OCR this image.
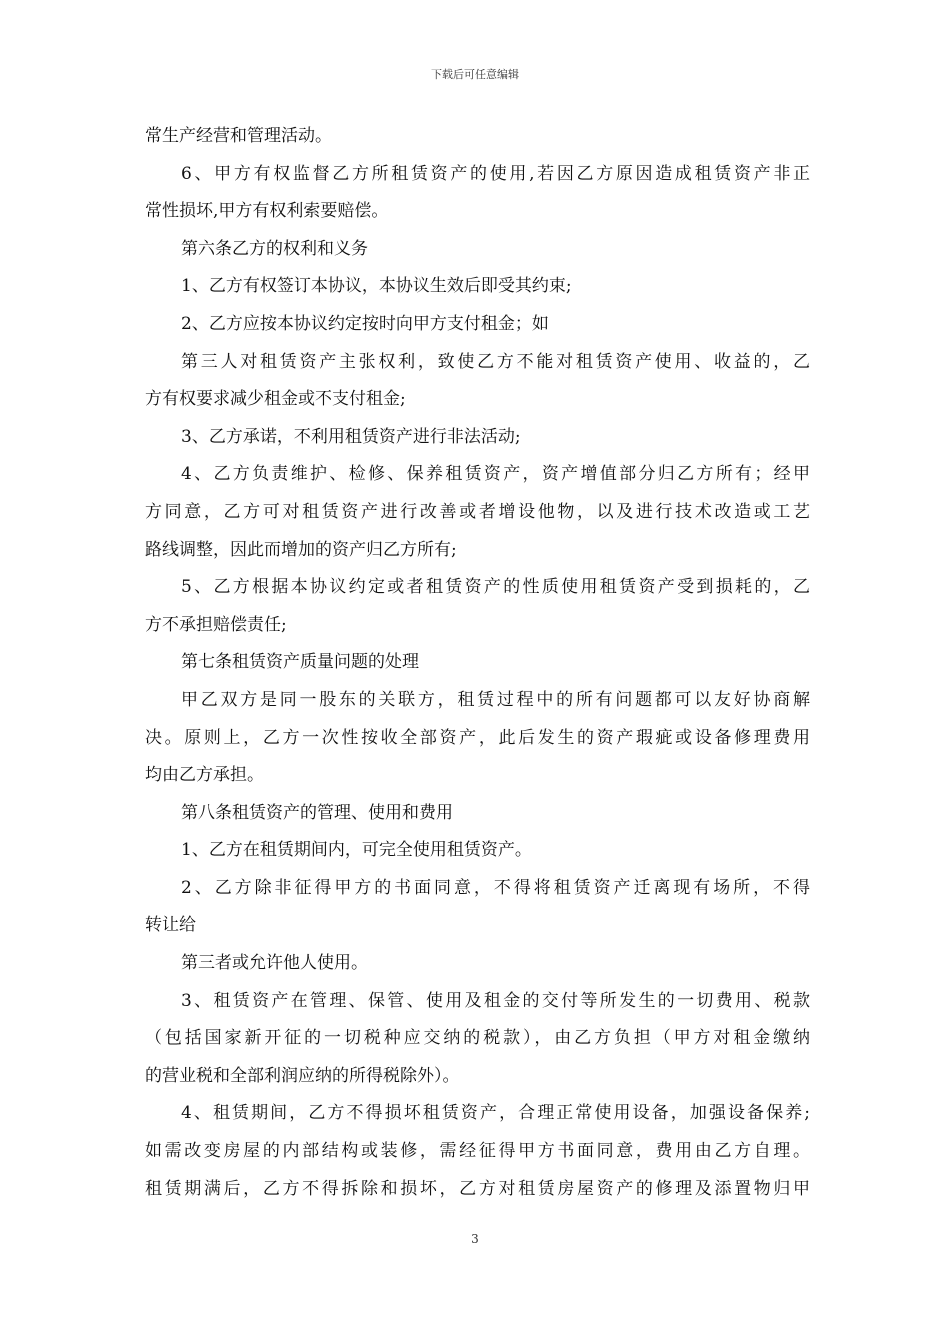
下载后可任意编辑
常生产经营和管理活动。
6、甲方有权监督乙方所租赁资产的使用,若因乙方原因造成租赁资产非正
常性损坏,甲方有权利索要赔偿。
第六条乙方的权利和义务
1、乙方有权签订本协议，本协议生效后即受其约束;
2、乙方应按本协议约定按时向甲方支付租金；如
第三人对租赁资产主张权利，致使乙方不能对租赁资产使用、收益的，乙
方有权要求减少租金或不支付租金;
3、乙方承诺，不利用租赁资产进行非法活动;
4、乙方负责维护、检修、保养租赁资产，资产增值部分归乙方所有；经甲
方同意，乙方可对租赁资产进行改善或者增设他物，以及进行技术改造或工艺
路线调整，因此而增加的资产归乙方所有;
5、乙方根据本协议约定或者租赁资产的性质使用租赁资产受到损耗的，乙
方不承担赔偿责任;
第七条租赁资产质量问题的处理
甲乙双方是同一股东的关联方，租赁过程中的所有问题都可以友好协商解
决。原则上，乙方一次性按收全部资产，此后发生的资产瑕疵或设备修理费用
均由乙方承担。
第八条租赁资产的管理、使用和费用
1、乙方在租赁期间内，可完全使用租赁资产。
2、乙方除非征得甲方的书面同意，不得将租赁资产迁离现有场所，不得
转让给
第三者或允许他人使用。
3、租赁资产在管理、保管、使用及租金的交付等所发生的一切费用、税款
（包括国家新开征的一切税种应交纳的税款），由乙方负担（甲方对租金缴纳
的营业税和全部利润应纳的所得税除外）。
4、租赁期间，乙方不得损坏租赁资产，合理正常使用设备，加强设备保养;
如需改变房屋的内部结构或装修，需经征得甲方书面同意，费用由乙方自理。
租赁期满后，乙方不得拆除和损坏，乙方对租赁房屋资产的修理及添置物归甲
3
